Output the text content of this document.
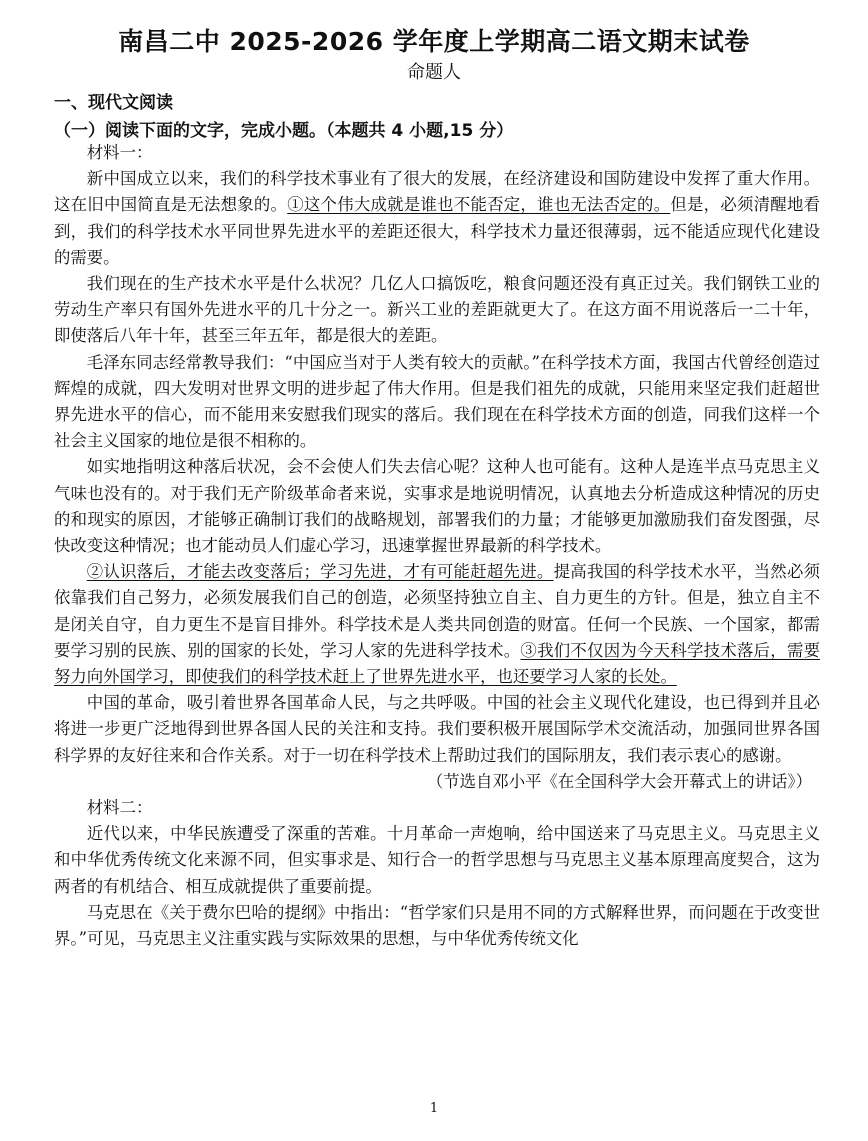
南昌二中 2025-2026 学年度上学期高二语文期末试卷
命题人
一、现代文阅读
（一）阅读下面的文字，完成小题。（本题共 4 小题,15 分）

材料一：

新中国成立以来，我们的科学技术事业有了很大的发展，在经济建设和国防建设中发挥了重大作用。这在旧中国简直是无法想象的。①这个伟大成就是谁也不能否定，谁也无法否定的。但是，必须清醒地看到，我们的科学技术水平同世界先进水平的差距还很大，科学技术力量还很薄弱，远不能适应现代化建设的需要。

我们现在的生产技术水平是什么状况？几亿人口搞饭吃，粮食问题还没有真正过关。我们钢铁工业的劳动生产率只有国外先进水平的几十分之一。新兴工业的差距就更大了。在这方面不用说落后一二十年，即使落后八年十年，甚至三年五年，都是很大的差距。

毛泽东同志经常教导我们：“中国应当对于人类有较大的贡献。”在科学技术方面，我国古代曾经创造过辉煌的成就，四大发明对世界文明的进步起了伟大作用。但是我们祖先的成就，只能用来坚定我们赶超世界先进水平的信心，而不能用来安慰我们现实的落后。我们现在在科学技术方面的创造，同我们这样一个社会主义国家的地位是很不相称的。

如实地指明这种落后状况，会不会使人们失去信心呢？这种人也可能有。这种人是连半点马克思主义气味也没有的。对于我们无产阶级革命者来说，实事求是地说明情况，认真地去分析造成这种情况的历史的和现实的原因，才能够正确制订我们的战略规划，部署我们的力量；才能够更加激励我们奋发图强，尽快改变这种情况；也才能动员人们虚心学习，迅速掌握世界最新的科学技术。

②认识落后，才能去改变落后；学习先进，才有可能赶超先进。提高我国的科学技术水平，当然必须依靠我们自己努力，必须发展我们自己的创造，必须坚持独立自主、自力更生的方针。但是，独立自主不是闭关自守，自力更生不是盲目排外。科学技术是人类共同创造的财富。任何一个民族、一个国家，都需要学习别的民族、别的国家的长处，学习人家的先进科学技术。③我们不仅因为今天科学技术落后，需要努力向外国学习，即使我们的科学技术赶上了世界先进水平，也还要学习人家的长处。

中国的革命，吸引着世界各国革命人民，与之共呼吸。中国的社会主义现代化建设，也已得到并且必将进一步更广泛地得到世界各国人民的关注和支持。我们要积极开展国际学术交流活动，加强同世界各国科学界的友好往来和合作关系。对于一切在科学技术上帮助过我们的国际朋友，我们表示衷心的感谢。

（节选自邓小平《在全国科学大会开幕式上的讲话》）

材料二：

近代以来，中华民族遭受了深重的苦难。十月革命一声炮响，给中国送来了马克思主义。马克思主义和中华优秀传统文化来源不同，但实事求是、知行合一的哲学思想与马克思主义基本原理高度契合，这为两者的有机结合、相互成就提供了重要前提。

马克思在《关于费尔巴哈的提纲》中指出：“哲学家们只是用不同的方式解释世界，而问题在于改变世界。”可见，马克思主义注重实践与实际效果的思想，与中华优秀传统文化

1
